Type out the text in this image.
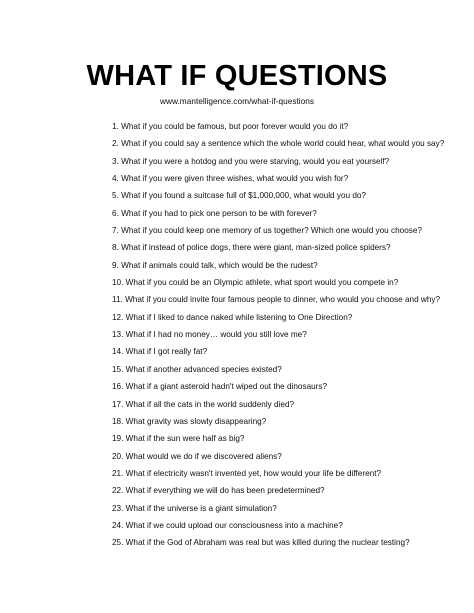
WHAT IF QUESTIONS
www.mantelligence.com/what-if-questions
1. What if you could be famous, but poor forever would you do it?
2. What if you could say a sentence which the whole world could hear, what would you say?
3. What if you were a hotdog and you were starving, would you eat yourself?
4. What if you were given three wishes, what would you wish for?
5. What if you found a suitcase full of $1,000,000, what would you do?
6. What if you had to pick one person to be with forever?
7. What if you could keep one memory of us together? Which one would you choose?
8. What if instead of police dogs, there were giant, man-sized police spiders?
9. What if animals could talk, which would be the rudest?
10. What if you could be an Olympic athlete, what sport would you compete in?
11. What if you could invite four famous people to dinner, who would you choose and why?
12. What if I liked to dance naked while listening to One Direction?
13. What if I had no money… would you still love me?
14. What if I got really fat?
15. What if another advanced species existed?
16. What if a giant asteroid hadn't wiped out the dinosaurs?
17. What if all the cats in the world suddenly died?
18. What gravity was slowly disappearing?
19. What if the sun were half as big?
20. What would we do if we discovered aliens?
21. What if electricity wasn't invented yet, how would your life be different?
22. What if everything we will do has been predetermined?
23. What if the universe is a giant simulation?
24. What if we could upload our consciousness into a machine?
25. What if the God of Abraham was real but was killed during the nuclear testing?
